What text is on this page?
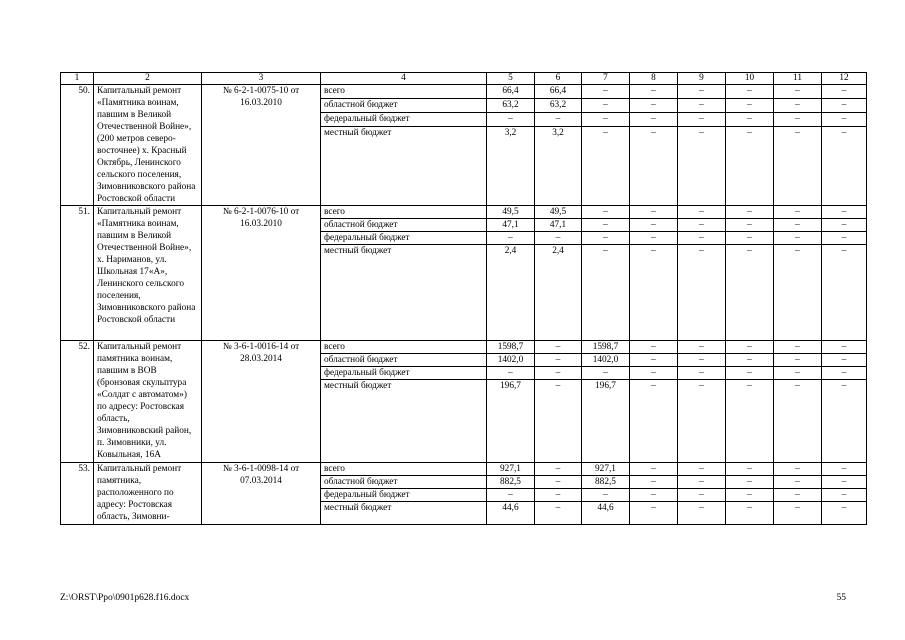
1	2	3	4	5	6	7	8	9	10	11	12
50.	Капитальный ремонт «Памятника воинам, павшим в Великой Отечественной Войне», (200 метров северо-восточнее) х. Красный Октябрь, Ленинского сельского поселения, Зимовниковского района Ростовской области	№ 6-2-1-0075-10 от 16.03.2010	всего	66,4	66,4	–	–	–	–	–	–
			областной бюджет	63,2	63,2	–	–	–	–	–	–
			федеральный бюджет	–	–	–	–	–	–	–	–
			местный бюджет	3,2	3,2	–	–	–	–	–	–
51.	Капитальный ремонт «Памятника воинам, павшим в Великой Отечественной Войне», х. Нариманов, ул. Школьная 17«А», Ленинского сельского поселения, Зимовниковского района Ростовской области	№ 6-2-1-0076-10 от 16.03.2010	всего	49,5	49,5	–	–	–	–	–	–
			областной бюджет	47,1	47,1	–	–	–	–	–	–
			федеральный бюджет	–	–	–	–	–	–	–	–
			местный бюджет	2,4	2,4	–	–	–	–	–	–
52.	Капитальный ремонт памятника воинам, павшим в ВОВ (бронзовая скульптура «Солдат с автоматом») по адресу: Ростовская область, Зимовниковский район, п. Зимовники, ул. Ковыльная, 16А	№ 3-6-1-0016-14 от 28.03.2014	всего	1598,7	–	1598,7	–	–	–	–	–
			областной бюджет	1402,0	–	1402,0	–	–	–	–	–
			федеральный бюджет	–	–	–	–	–	–	–	–
			местный бюджет	196,7	–	196,7	–	–	–	–	–
53.	Капитальный ремонт памятника, расположенного по адресу: Ростовская область, Зимовни-	№ 3-6-1-0098-14 от 07.03.2014	всего	927,1	–	927,1	–	–	–	–	–
			областной бюджет	882,5	–	882,5	–	–	–	–	–
			федеральный бюджет	–	–	–	–	–	–	–	–
			местный бюджет	44,6	–	44,6	–	–	–	–	–
Z:\ORST\Ppo\0901p628.f16.docx	55
